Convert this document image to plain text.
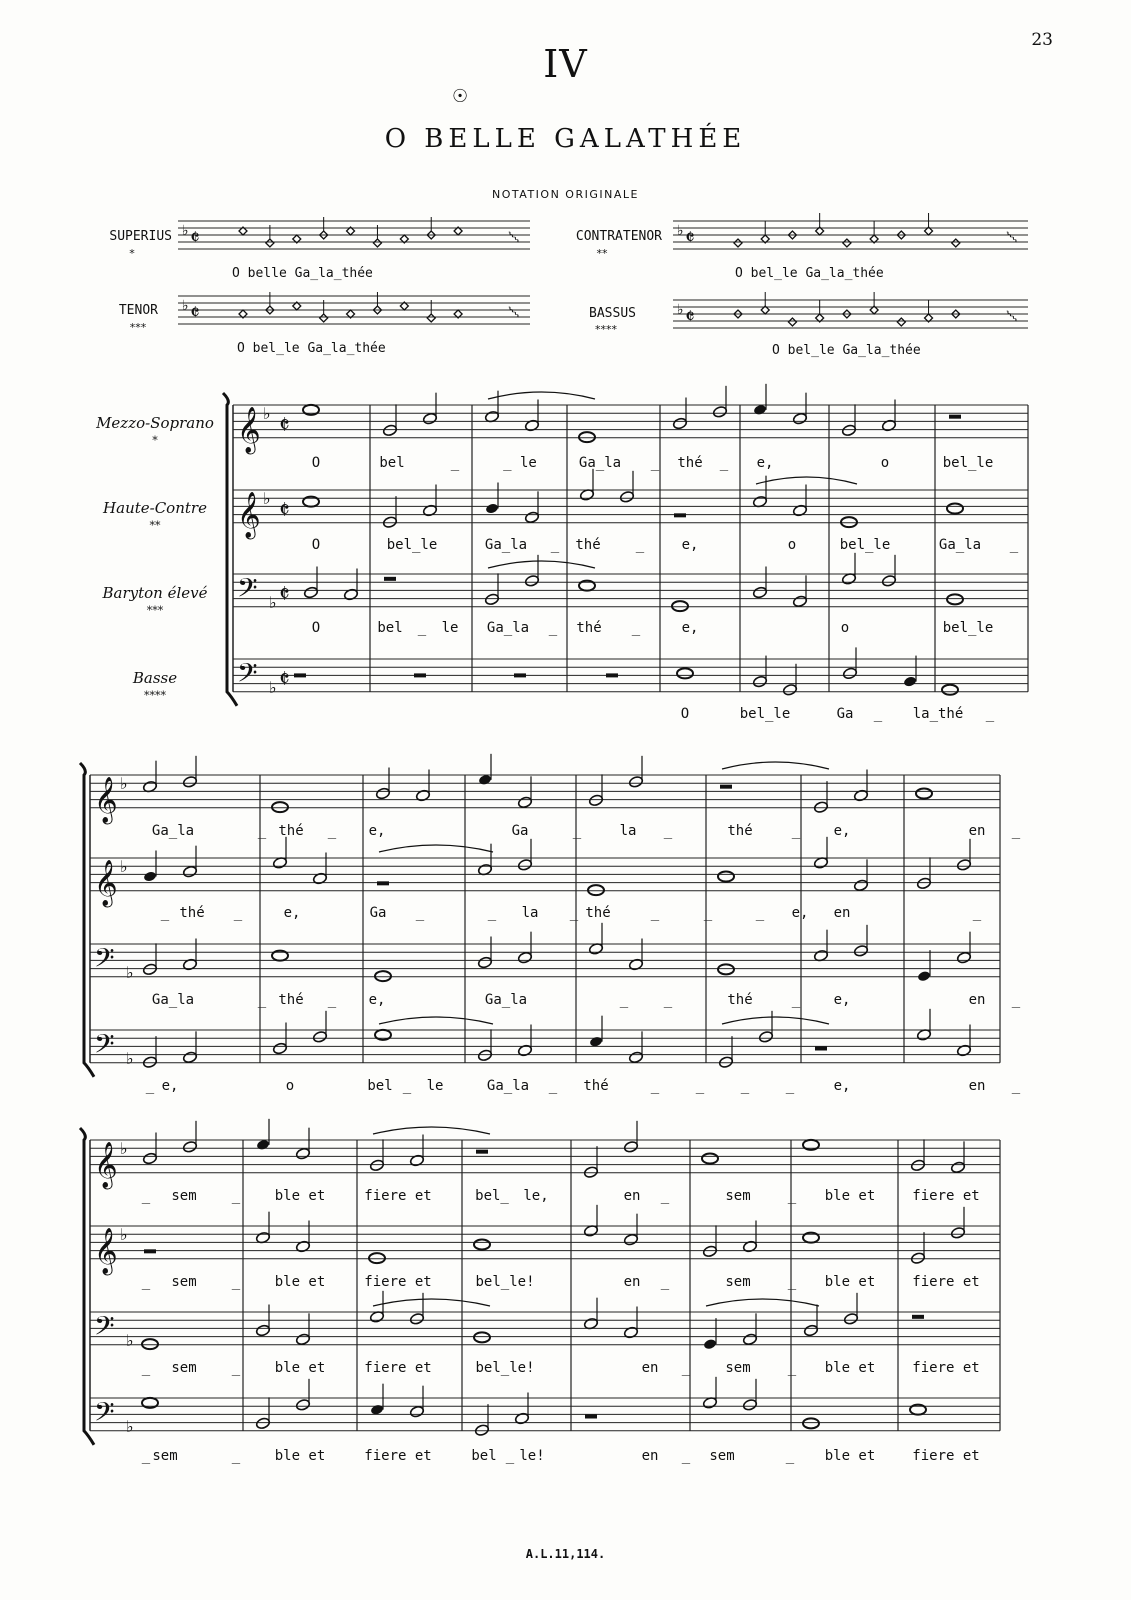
23
IV
☉
O BELLE GALATHÉE
NOTATION ORIGINALE
SUPERIUS
*
O belle Ga_la_thée
CONTRATENOR
**
O bel_le Ga_la_thée
TENOR
***
O bel_le Ga_la_thée
BASSUS
****
O bel_le Ga_la_thée
Mezzo-Soprano
*
Haute-Contre
**
Baryton élevé
***
Basse
****
O	bel	_	_ le	Ga_la _ thé _ e,	o	bel_le
O	bel_le	Ga_la _ thé	_	e,	o	bel_le	Ga_la _
O	bel _ le Ga_la _ thé _	e,	o	bel_le
O	bel_le	Ga _ la_thé _
Ga_la	_ thé _ e,	Ga	_	la _	thé	_ e,	en _
_ thé _	e,	Ga _	_ la _ thé	_	_	_ e, en	_
Ga_la	_ thé _ e,	Ga_la	_	_	thé	_ e,	en _
_ e,	o	bel _ le	Ga_la _ thé	_	_	_	_	e,	en _
_ sem	_ ble et	fiere et	bel_ le,	en _	sem	_ ble et	fiere et
_ sem	_ ble et	fiere et	bel_le!	en _	sem	_ ble et	fiere et
_ sem	_ ble et	fiere et	bel_le!	en _	sem	_ ble et	fiere et
_ sem	_ ble et	fiere et	bel _ le!	en _ sem	_ ble et	fiere et
A.L.11,114.
𝄵
♭	𝆲	𝄵
♭	𝆲
𝄵
♭	𝆲	𝄵
♭	𝆲
𝄞 ♭ 𝄵
𝄞 ♭ 𝄵
𝄢 ♭ 𝄵
𝄢 ♭ 𝄵
𝄞 ♭
𝄞 ♭
𝄢 ♭
𝄢 ♭
𝄞 ♭
𝄞 ♭
𝄢 ♭
𝄢 ♭
